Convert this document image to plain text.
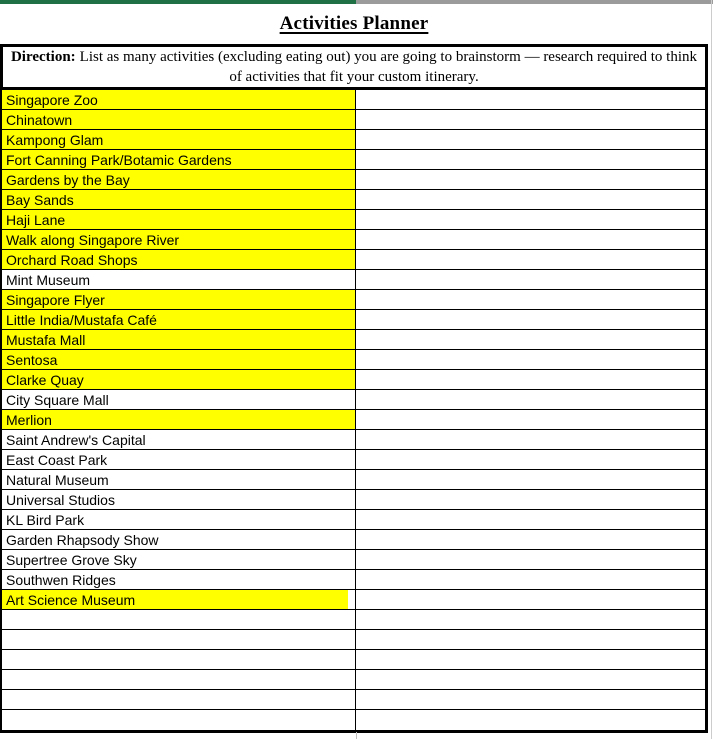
Activities Planner
Direction: List as many activities (excluding eating out) you are going to brainstorm — research required to think of activities that fit your custom itinerary.
Singapore Zoo
Chinatown
Kampong Glam
Fort Canning Park/Botamic Gardens
Gardens by the Bay
Bay Sands
Haji Lane
Walk along Singapore River
Orchard Road Shops
Mint Museum
Singapore Flyer
Little India/Mustafa Café
Mustafa Mall
Sentosa
Clarke Quay
City Square Mall
Merlion
Saint Andrew's Capital
East Coast Park
Natural Museum
Universal Studios
KL Bird Park
Garden Rhapsody Show
Supertree Grove Sky
Southwen Ridges
Art Science Museum
